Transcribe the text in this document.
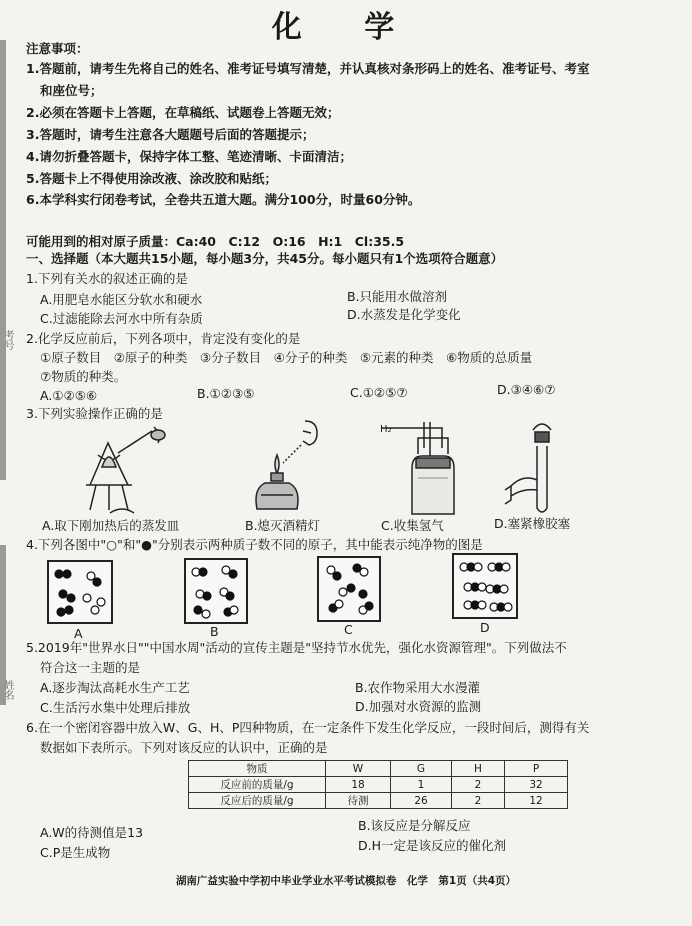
考号
姓名
化 学
注意事项：
1.答题前，请考生先将自己的姓名、准考证号填写清楚，并认真核对条形码上的姓名、准考证号、考室
和座位号；
2.必须在答题卡上答题，在草稿纸、试题卷上答题无效；
3.答题时，请考生注意各大题题号后面的答题提示；
4.请勿折叠答题卡，保持字体工整、笔迹清晰、卡面清洁；
5.答题卡上不得使用涂改液、涂改胶和贴纸；
6.本学科实行闭卷考试，全卷共五道大题。满分100分，时量60分钟。
可能用到的相对原子质量：Ca:40　C:12　O:16　H:1　Cl:35.5
一、选择题（本大题共15小题，每小题3分，共45分。每小题只有1个选项符合题意）
1.下列有关水的叙述正确的是
A.用肥皂水能区分软水和硬水	B.只能用水做溶剂
C.过滤能除去河水中所有杂质	D.水蒸发是化学变化
2.化学反应前后，下列各项中，肯定没有变化的是
①原子数目　②原子的种类　③分子数目　④分子的种类　⑤元素的种类　⑥物质的总质量
⑦物质的种类。
A.①②⑤⑥	B.①②③⑤	C.①②⑤⑦	D.③④⑥⑦
3.下列实验操作正确的是
H₂
A.取下刚加热后的蒸发皿	B.熄灭酒精灯	C.收集氢气	D.塞紧橡胶塞
4.下列各图中"○"和"●"分别表示两种质子数不同的原子，其中能表示纯净物的图是
A	B	C	D
5.2019年"世界水日""中国水周"活动的宣传主题是"坚持节水优先，强化水资源管理"。下列做法不
符合这一主题的是
A.逐步淘汰高耗水生产工艺	B.农作物采用大水漫灌
C.生活污水集中处理后排放	D.加强对水资源的监测
6.在一个密闭容器中放入W、G、H、P四种物质，在一定条件下发生化学反应，一段时间后，测得有关
数据如下表所示。下列对该反应的认识中，正确的是
物质	W	G	H	P
反应前的质量/g	18	1	2	32
反应后的质量/g	待测	26	2	12
A.W的待测值是13	B.该反应是分解反应
C.P是生成物	D.H一定是该反应的催化剂
湖南广益实验中学初中毕业学业水平考试模拟卷　化学　第1页（共4页）
